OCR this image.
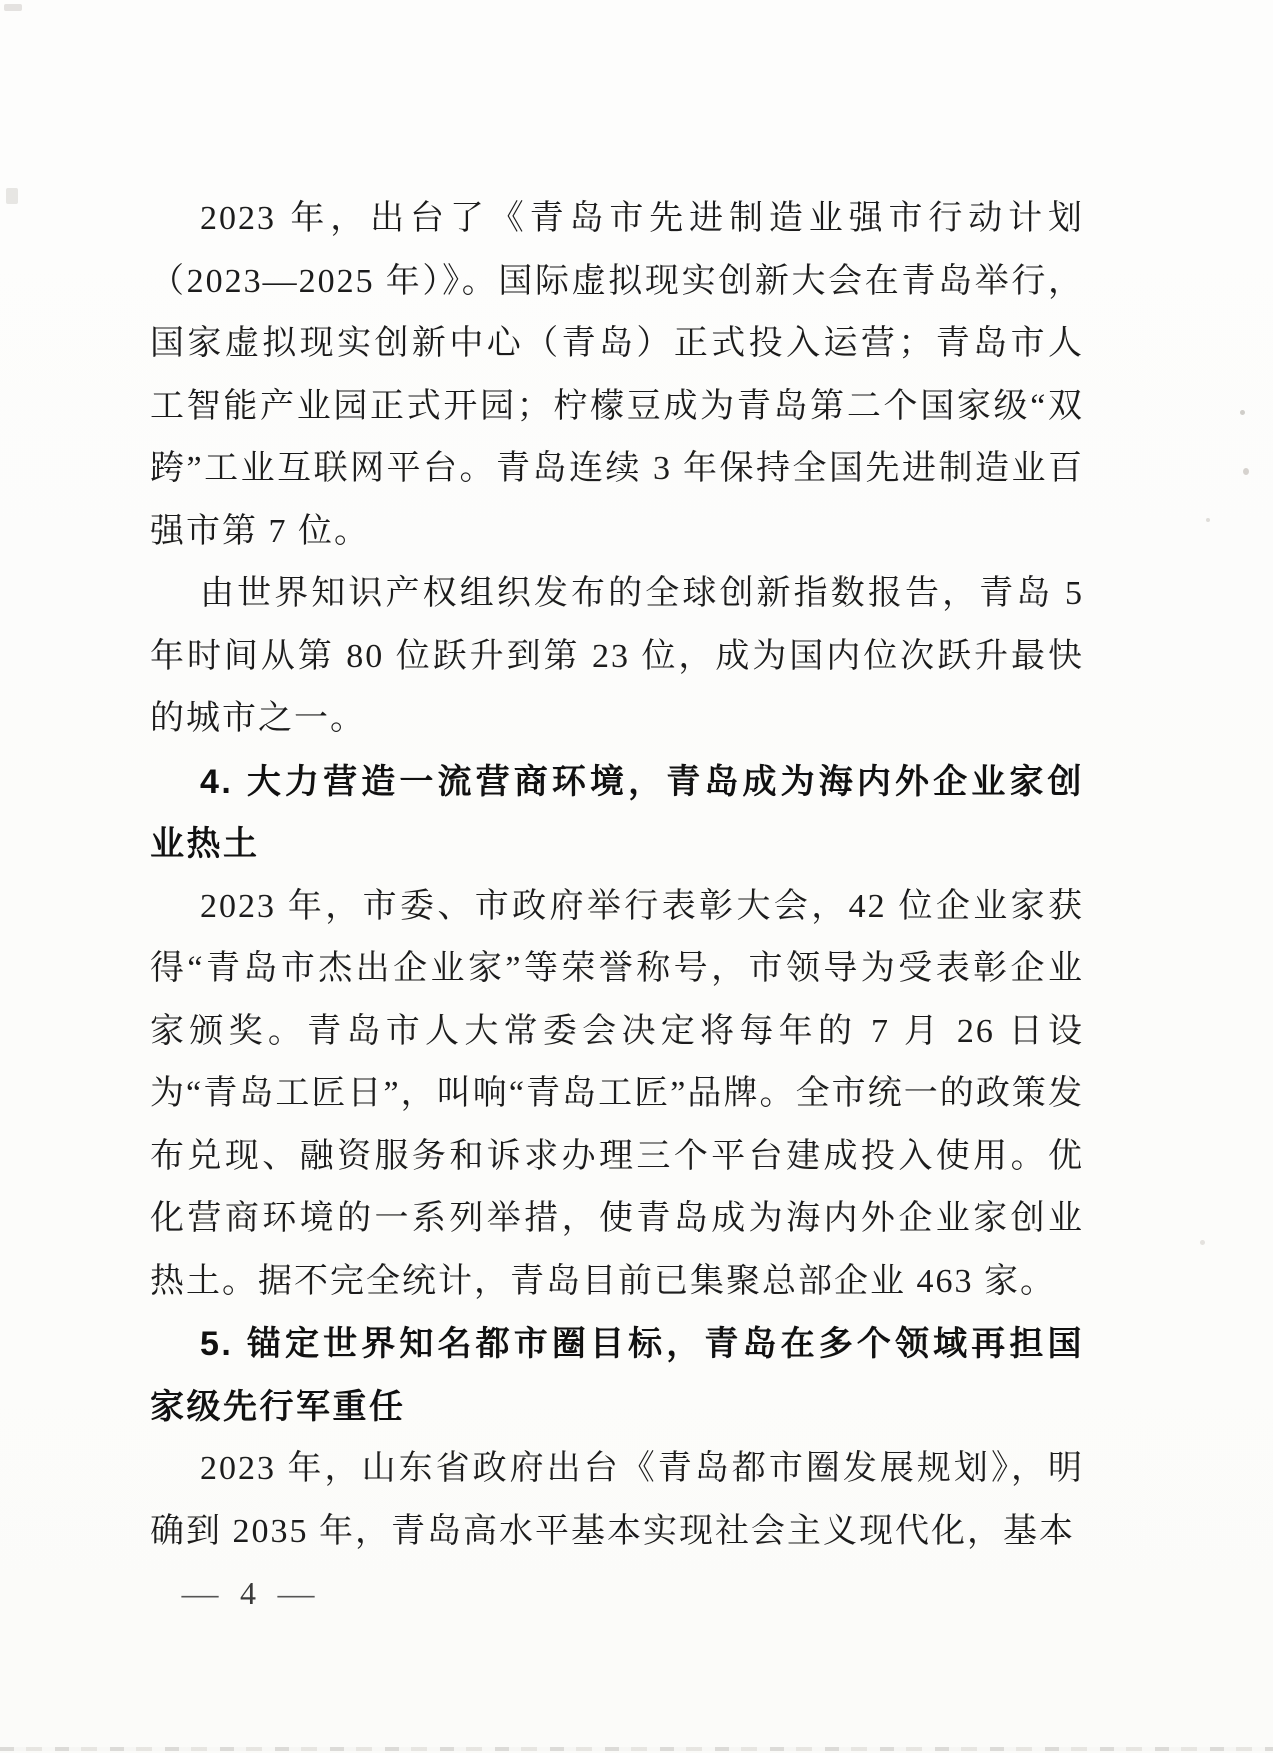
2023 年，出台了《青岛市先进制造业强市行动计划（2023—2025 年）》。国际虚拟现实创新大会在青岛举行，国家虚拟现实创新中心（青岛）正式投入运营；青岛市人工智能产业园正式开园；柠檬豆成为青岛第二个国家级“双跨”工业互联网平台。青岛连续 3 年保持全国先进制造业百强市第 7 位。

由世界知识产权组织发布的全球创新指数报告，青岛 5 年时间从第 80 位跃升到第 23 位，成为国内位次跃升最快的城市之一。

4. 大力营造一流营商环境，青岛成为海内外企业家创业热土

2023 年，市委、市政府举行表彰大会，42 位企业家获得“青岛市杰出企业家”等荣誉称号，市领导为受表彰企业家颁奖。青岛市人大常委会决定将每年的 7 月 26 日设为“青岛工匠日”，叫响“青岛工匠”品牌。全市统一的政策发布兑现、融资服务和诉求办理三个平台建成投入使用。优化营商环境的一系列举措，使青岛成为海内外企业家创业热土。据不完全统计，青岛目前已集聚总部企业 463 家。

5. 锚定世界知名都市圈目标，青岛在多个领域再担国家级先行军重任

2023 年，山东省政府出台《青岛都市圈发展规划》，明确到 2035 年，青岛高水平基本实现社会主义现代化，基本

— 4 —
